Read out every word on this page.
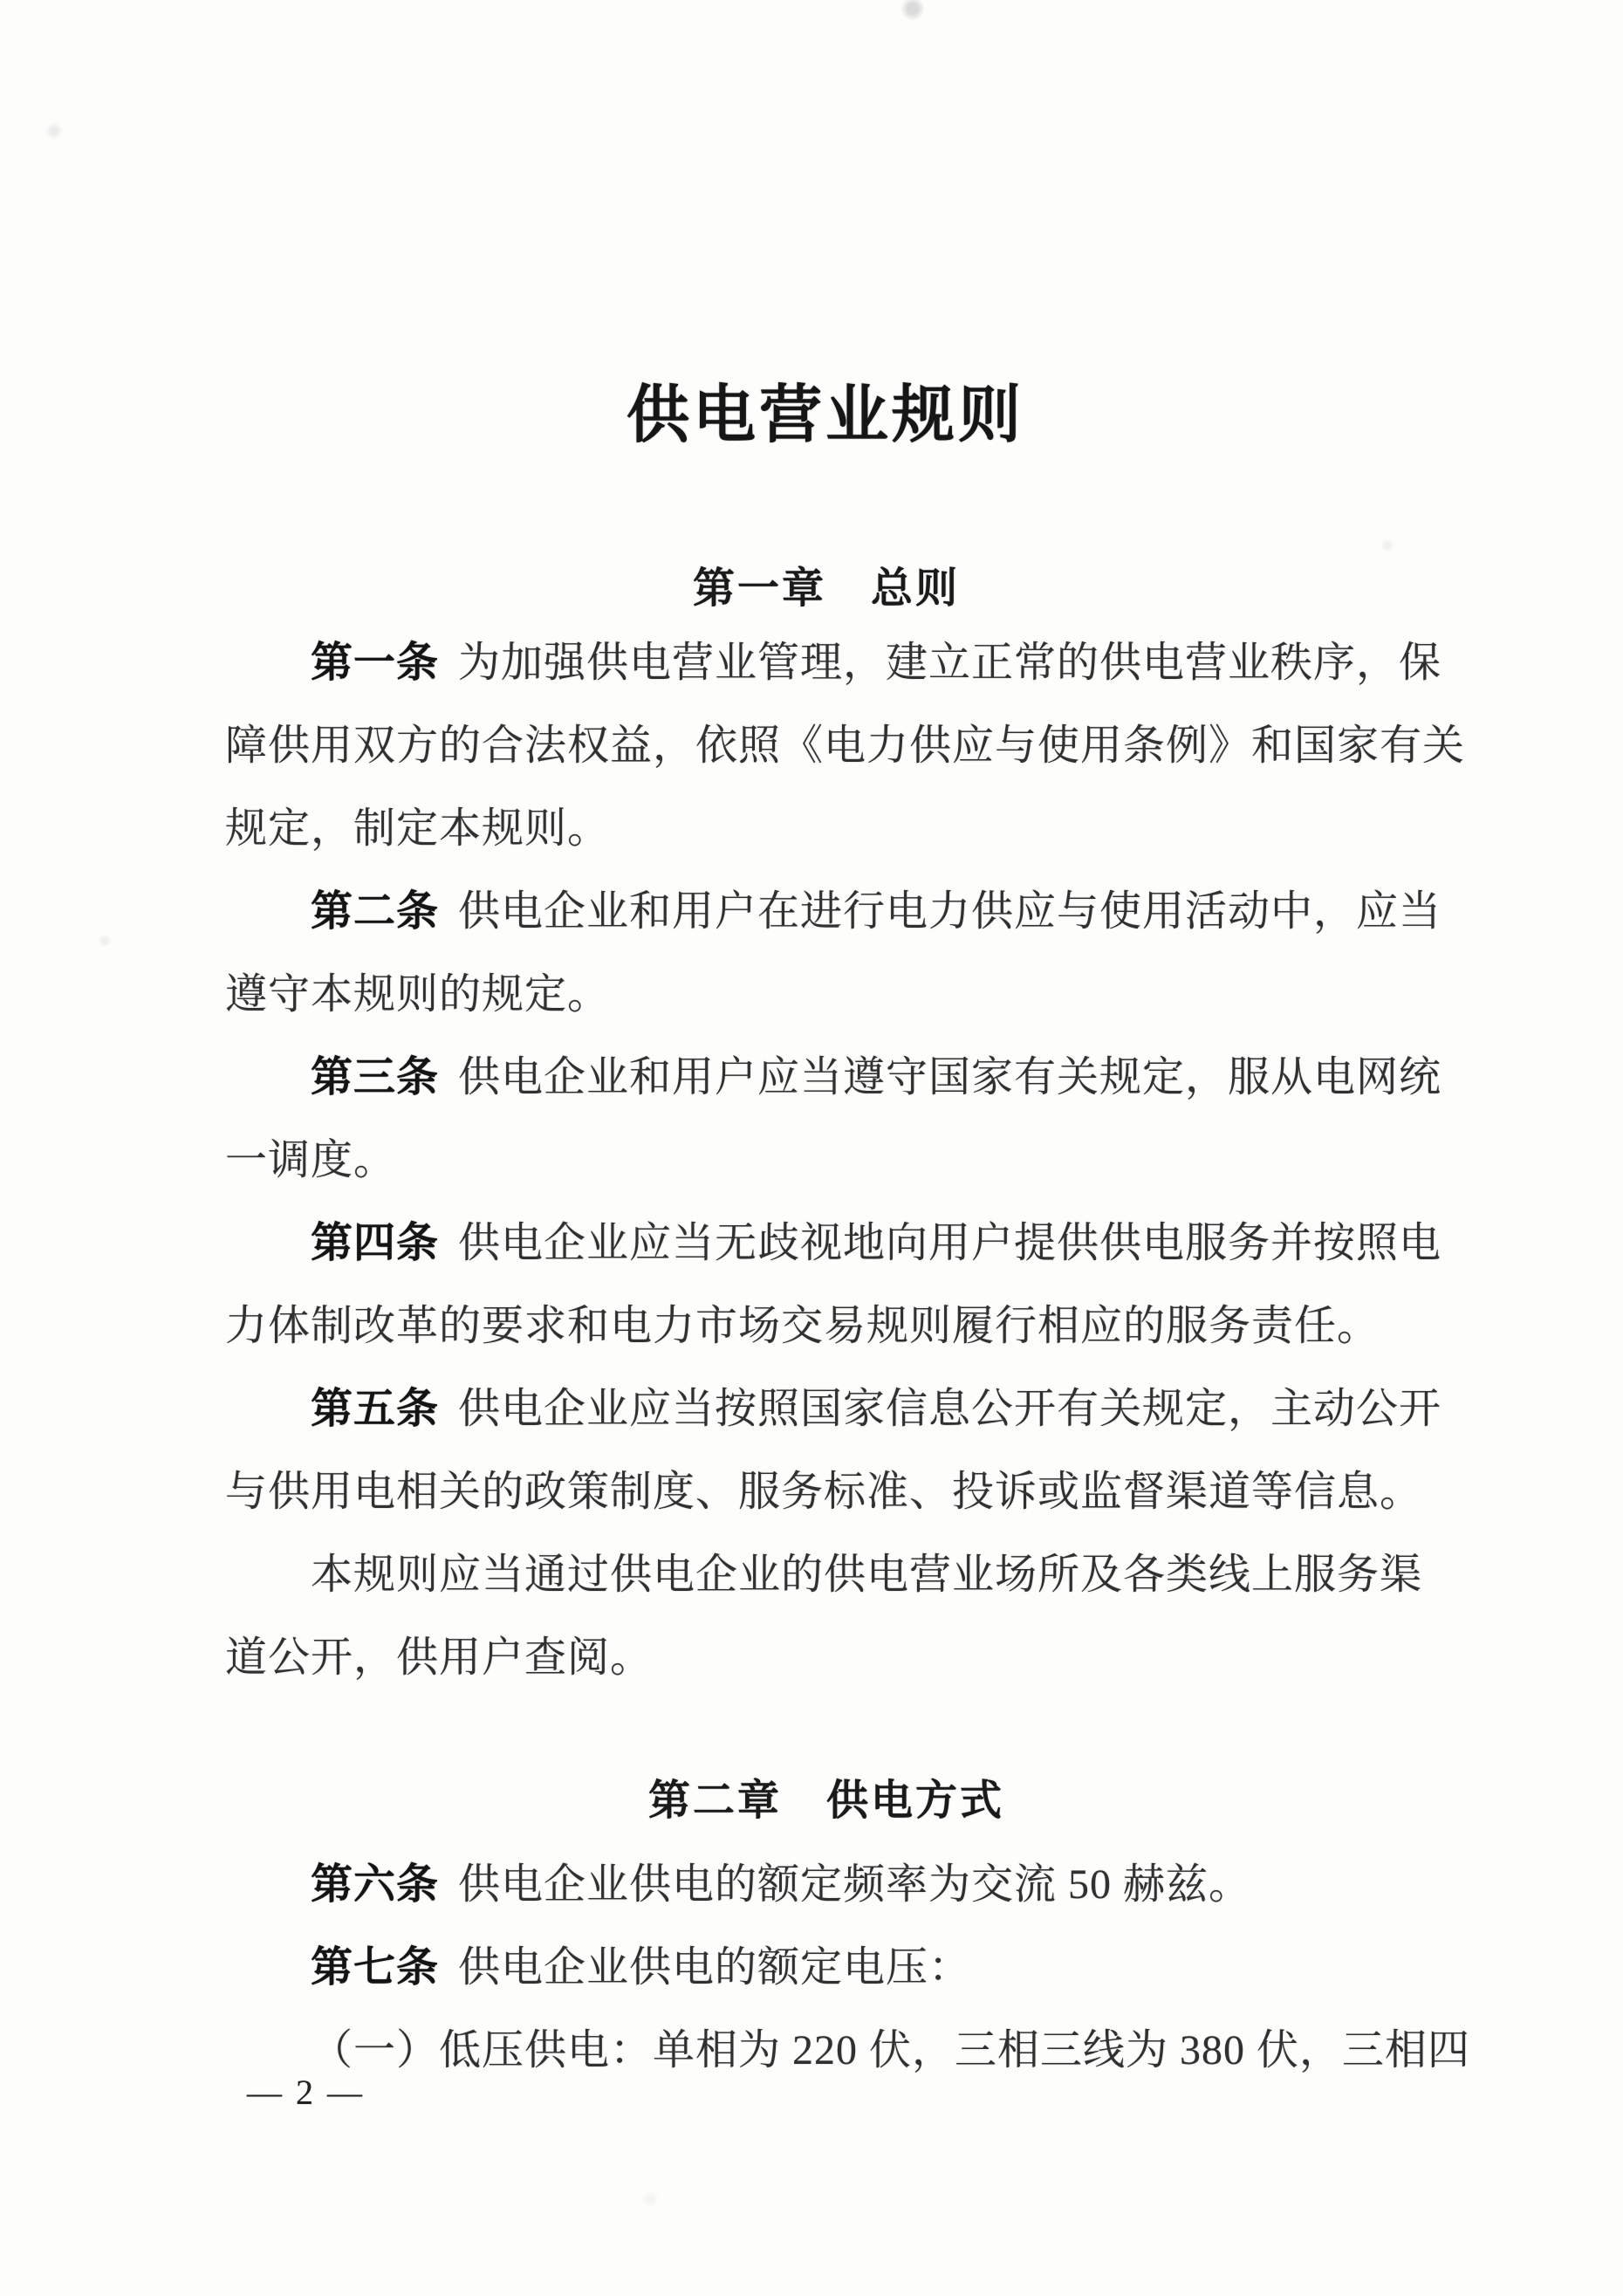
供电营业规则
第一章　总则
第一条 为加强供电营业管理，建立正常的供电营业秩序，保
障供用双方的合法权益，依照《电力供应与使用条例》和国家有关
规定，制定本规则。
第二条 供电企业和用户在进行电力供应与使用活动中，应当
遵守本规则的规定。
第三条 供电企业和用户应当遵守国家有关规定，服从电网统
一调度。
第四条 供电企业应当无歧视地向用户提供供电服务并按照电
力体制改革的要求和电力市场交易规则履行相应的服务责任。
第五条 供电企业应当按照国家信息公开有关规定，主动公开
与供用电相关的政策制度、服务标准、投诉或监督渠道等信息。
本规则应当通过供电企业的供电营业场所及各类线上服务渠
道公开，供用户查阅。
第二章　供电方式
第六条 供电企业供电的额定频率为交流 50 赫兹。
第七条 供电企业供电的额定电压：
（一）低压供电：单相为 220 伏，三相三线为 380 伏，三相四
— 2 —
